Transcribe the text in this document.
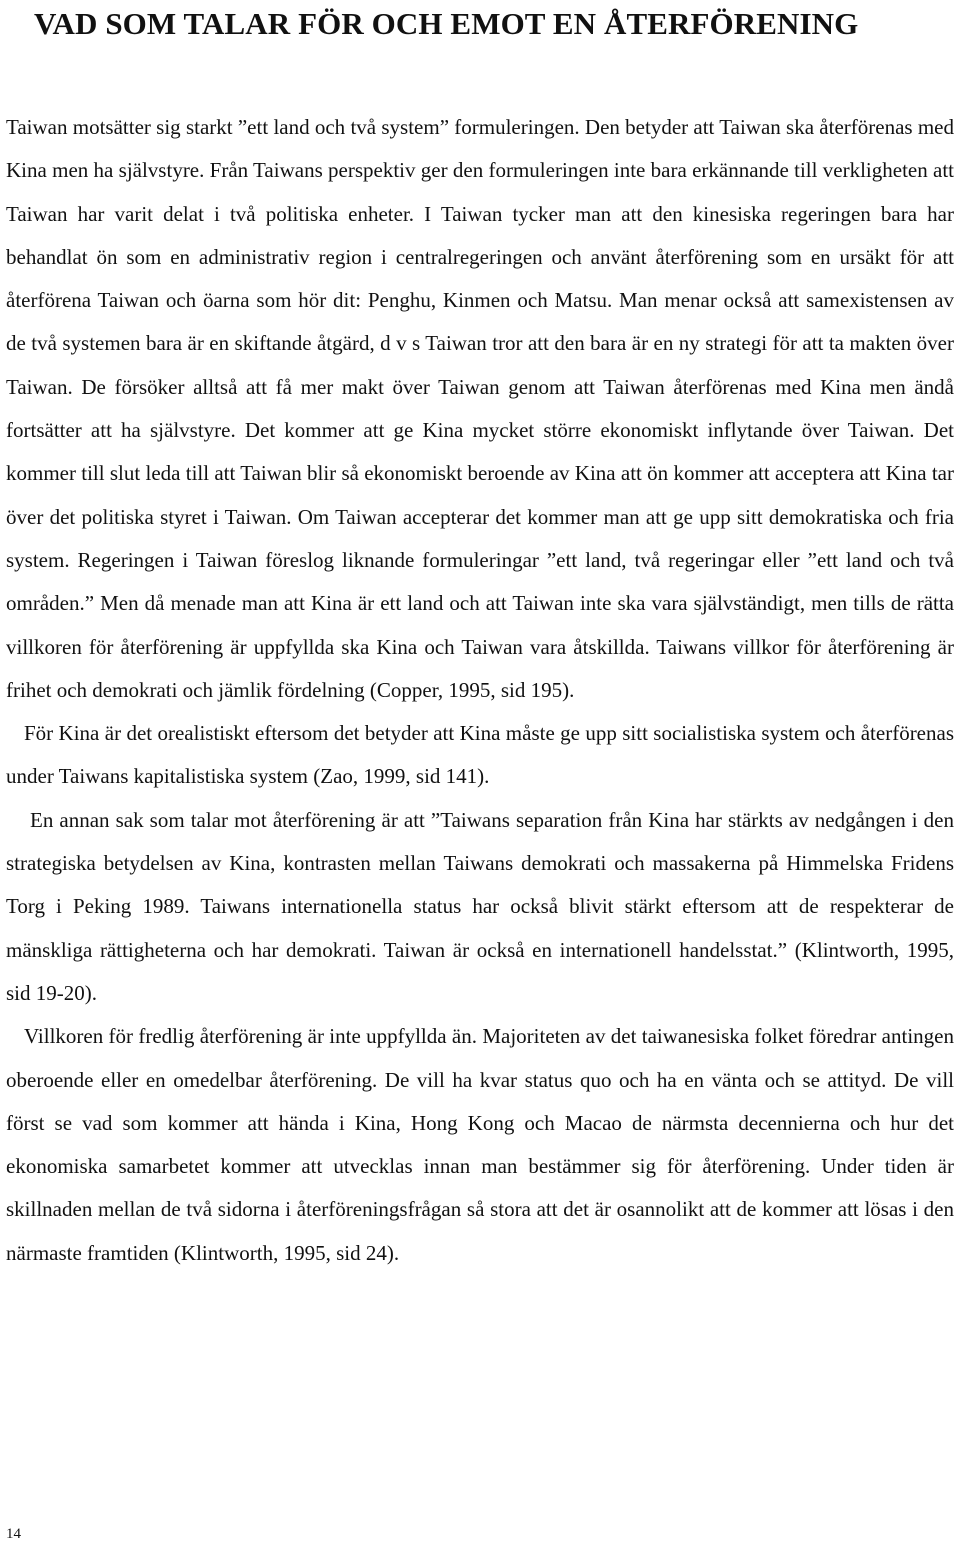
VAD SOM TALAR FÖR OCH EMOT EN ÅTERFÖRENING

Taiwan motsätter sig starkt ”ett land och två system” formuleringen. Den betyder att Taiwan ska återförenas med Kina men ha självstyre. Från Taiwans perspektiv ger den formuleringen inte bara erkännande till verkligheten att Taiwan har varit delat i två politiska enheter. I Taiwan tycker man att den kinesiska regeringen bara har behandlat ön som en administrativ region i centralregeringen och använt återförening som en ursäkt för att återförena Taiwan och öarna som hör dit: Penghu, Kinmen och Matsu. Man menar också att samexistensen av de två systemen bara är en skiftande åtgärd, d v s Taiwan tror att den bara är en ny strategi för att ta makten över Taiwan. De försöker alltså att få mer makt över Taiwan genom att Taiwan återförenas med Kina men ändå fortsätter att ha självstyre. Det kommer att ge Kina mycket större ekonomiskt inflytande över Taiwan. Det kommer till slut leda till att Taiwan blir så ekonomiskt beroende av Kina att ön kommer att acceptera att Kina tar över det politiska styret i Taiwan. Om Taiwan accepterar det kommer man att ge upp sitt demokratiska och fria system. Regeringen i Taiwan föreslog liknande formuleringar ”ett land, två regeringar eller ”ett land och två områden.” Men då menade man att Kina är ett land och att Taiwan inte ska vara självständigt, men tills de rätta villkoren för återförening är uppfyllda ska Kina och Taiwan vara åtskillda. Taiwans villkor för återförening är frihet och demokrati och jämlik fördelning (Copper, 1995, sid 195).

För Kina är det orealistiskt eftersom det betyder att Kina måste ge upp sitt socialistiska system och återförenas under Taiwans kapitalistiska system (Zao, 1999, sid 141).

En annan sak som talar mot återförening är att ”Taiwans separation från Kina har stärkts av nedgången i den strategiska betydelsen av Kina, kontrasten mellan Taiwans demokrati och massakerna på Himmelska Fridens Torg i Peking 1989. Taiwans internationella status har också blivit stärkt eftersom att de respekterar de mänskliga rättigheterna och har demokrati. Taiwan är också en internationell handelsstat.” (Klintworth, 1995, sid 19-20).

Villkoren för fredlig återförening är inte uppfyllda än. Majoriteten av det taiwanesiska folket föredrar antingen oberoende eller en omedelbar återförening. De vill ha kvar status quo och ha en vänta och se attityd. De vill först se vad som kommer att hända i Kina, Hong Kong och Macao de närmsta decennierna och hur det ekonomiska samarbetet kommer att utvecklas innan man bestämmer sig för återförening. Under tiden är skillnaden mellan de två sidorna i återföreningsfrågan så stora att det är osannolikt att de kommer att lösas i den närmaste framtiden (Klintworth, 1995, sid 24).

14
